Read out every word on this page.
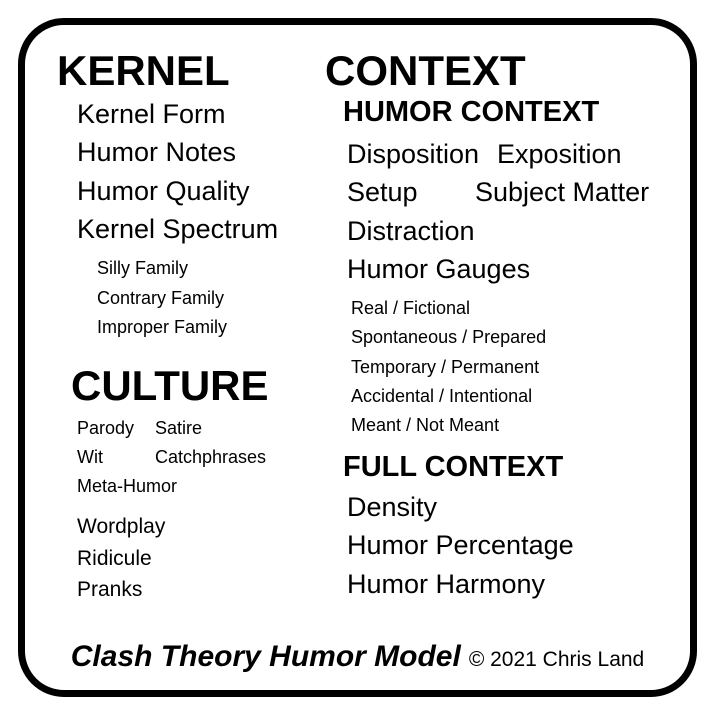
KERNEL
Kernel Form
Humor Notes
Humor Quality
Kernel Spectrum
Silly Family
Contrary Family
Improper Family
CULTURE
Parody	Satire
Wit	Catchphrases
Meta-Humor
Wordplay
Ridicule
Pranks
CONTEXT
HUMOR CONTEXT
Disposition Exposition
Setup	Subject Matter
Distraction
Humor Gauges
Real / Fictional
Spontaneous / Prepared
Temporary / Permanent
Accidental / Intentional
Meant / Not Meant
FULL CONTEXT
Density
Humor Percentage
Humor Harmony
Clash Theory Humor Model © 2021 Chris Land
